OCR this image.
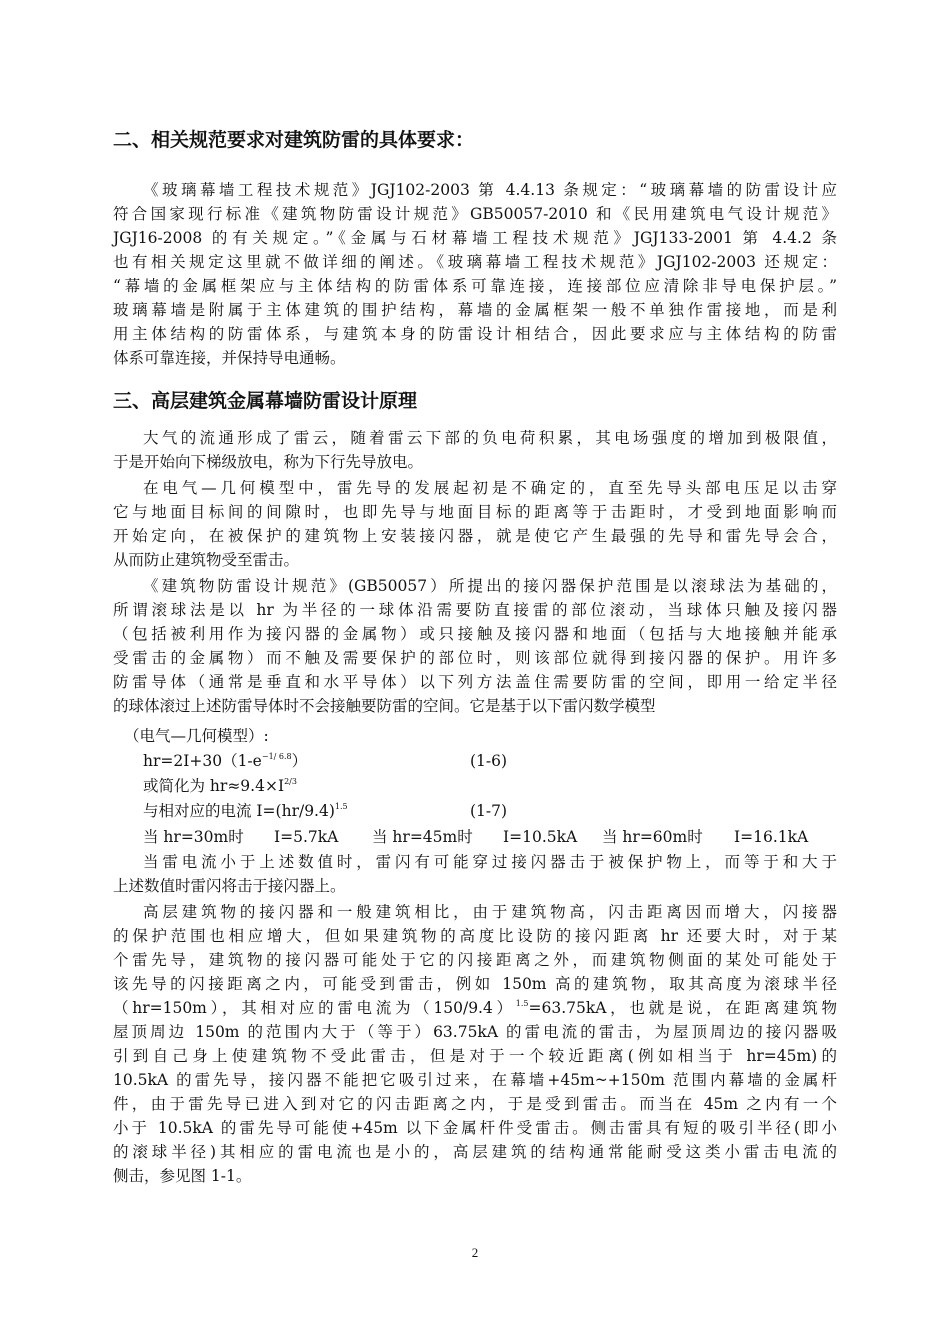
二、相关规范要求对建筑防雷的具体要求：

《玻璃幕墙工程技术规范》JGJ102-2003 第 4.4.13 条规定：“玻璃幕墙的防雷设计应

符合国家现行标准《建筑物防雷设计规范》GB50057-2010 和《民用建筑电气设计规范》

JGJ16-2008 的有关规定。”《金属与石材幕墙工程技术规范》JGJ133-2001 第 4.4.2 条

也有相关规定这里就不做详细的阐述。《玻璃幕墙工程技术规范》JGJ102-2003 还规定：

“幕墙的金属框架应与主体结构的防雷体系可靠连接，连接部位应清除非导电保护层。”

玻璃幕墙是附属于主体建筑的围护结构，幕墙的金属框架一般不单独作雷接地，而是利

用主体结构的防雷体系，与建筑本身的防雷设计相结合，因此要求应与主体结构的防雷

体系可靠连接，并保持导电通畅。

三、高层建筑金属幕墙防雷设计原理

大气的流通形成了雷云，随着雷云下部的负电荷积累，其电场强度的增加到极限值，

于是开始向下梯级放电，称为下行先导放电。

在电气—几何模型中，雷先导的发展起初是不确定的，直至先导头部电压足以击穿

它与地面目标间的间隙时，也即先导与地面目标的距离等于击距时，才受到地面影响而

开始定向，在被保护的建筑物上安装接闪器，就是使它产生最强的先导和雷先导会合，

从而防止建筑物受至雷击。

《建筑物防雷设计规范》(GB50057）所提出的接闪器保护范围是以滚球法为基础的，

所谓滚球法是以 hr 为半径的一球体沿需要防直接雷的部位滚动，当球体只触及接闪器

（包括被利用作为接闪器的金属物）或只接触及接闪器和地面（包括与大地接触并能承

受雷击的金属物）而不触及需要保护的部位时，则该部位就得到接闪器的保护。用许多

防雷导体（通常是垂直和水平导体）以下列方法盖住需要防雷的空间，即用一给定半径

的球体滚过上述防雷导体时不会接触要防雷的空间。它是基于以下雷闪数学模型

（电气—几何模型）:

$hr=2I+30(1-e^{-1/ 6.8})$	(1-6)

或简化为 $hr\approx 9.4\times I^{2/3}$

与相对应的电流 $I=(hr/9.4)^{1.5}$	(1-7)
当 hr=30m时 I=5.7kA 当 hr=45m时 I=10.5kA 当 hr=60m时 I=16.1kA

当雷电流小于上述数值时，雷闪有可能穿过接闪器击于被保护物上，而等于和大于

上述数值时雷闪将击于接闪器上。

高层建筑物的接闪器和一般建筑相比，由于建筑物高，闪击距离因而增大，闪接器

的保护范围也相应增大，但如果建筑物的高度比设防的接闪距离 hr 还要大时，对于某

个雷先导，建筑物的接闪器可能处于它的闪接距离之外，而建筑物侧面的某处可能处于

该先导的闪接距离之内，可能受到雷击，例如 150m 高的建筑物，取其高度为滚球半径

（hr=150m），其相对应的雷电流为$(150/9.4)^{1.5}=63.75kA$，也就是说，在距离建筑物

屋顶周边 150m 的范围内大于（等于）63.75kA 的雷电流的雷击，为屋顶周边的接闪器吸

引到自己身上使建筑物不受此雷击，但是对于一个较近距离(例如相当于 hr=45m)的

10.5kA 的雷先导，接闪器不能把它吸引过来，在幕墙+45m~+150m 范围内幕墙的金属杆

件，由于雷先导已进入到对它的闪击距离之内，于是受到雷击。而当在 45m 之内有一个

小于 10.5kA 的雷先导可能使+45m 以下金属杆件受雷击。侧击雷具有短的吸引半径(即小

的滚球半径)其相应的雷电流也是小的，高层建筑的结构通常能耐受这类小雷击电流的

侧击，参见图 1-1。

2
